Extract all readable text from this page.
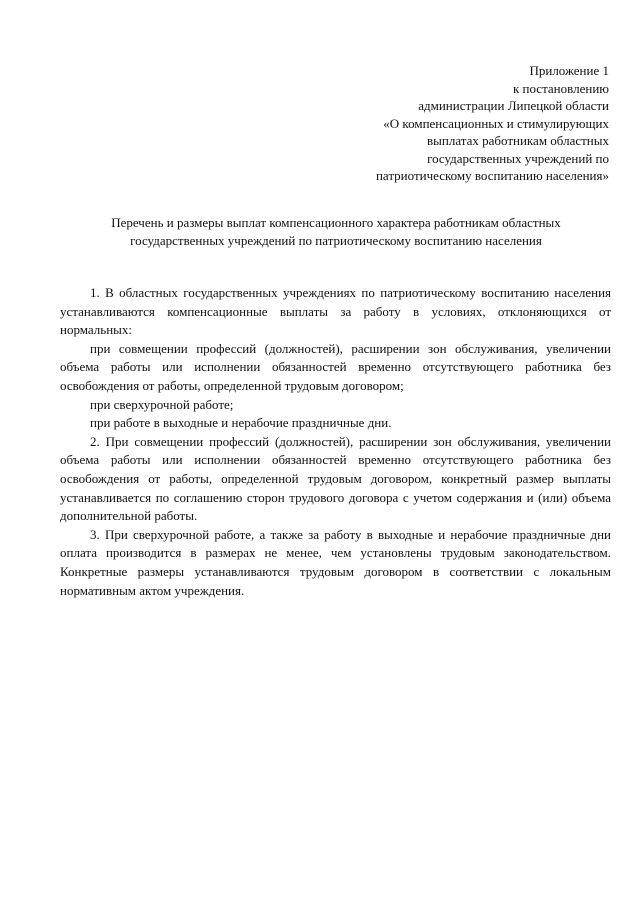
Приложение 1
к постановлению
администрации Липецкой области
«О компенсационных и стимулирующих
выплатах работникам областных
государственных учреждений по
патриотическому воспитанию населения»
Перечень и размеры выплат компенсационного характера работникам областных
государственных учреждений по патриотическому воспитанию населения

1. В областных государственных учреждениях по патриотическому воспитанию населения устанавливаются компенсационные выплаты за работу в условиях, отклоняющихся от нормальных:

при совмещении профессий (должностей), расширении зон обслуживания, увеличении объема работы или исполнении обязанностей временно отсутствующего работника без освобождения от работы, определенной трудовым договором;

при сверхурочной работе;

при работе в выходные и нерабочие праздничные дни.

2. При совмещении профессий (должностей), расширении зон обслуживания, увеличении объема работы или исполнении обязанностей временно отсутствующего работника без освобождения от работы, определенной трудовым договором, конкретный размер выплаты устанавливается по соглашению сторон трудового договора с учетом содержания и (или) объема дополнительной работы.

3. При сверхурочной работе, а также за работу в выходные и нерабочие праздничные дни оплата производится в размерах не менее, чем установлены трудовым законодательством. Конкретные размеры устанавливаются трудовым договором в соответствии с локальным нормативным актом учреждения.
